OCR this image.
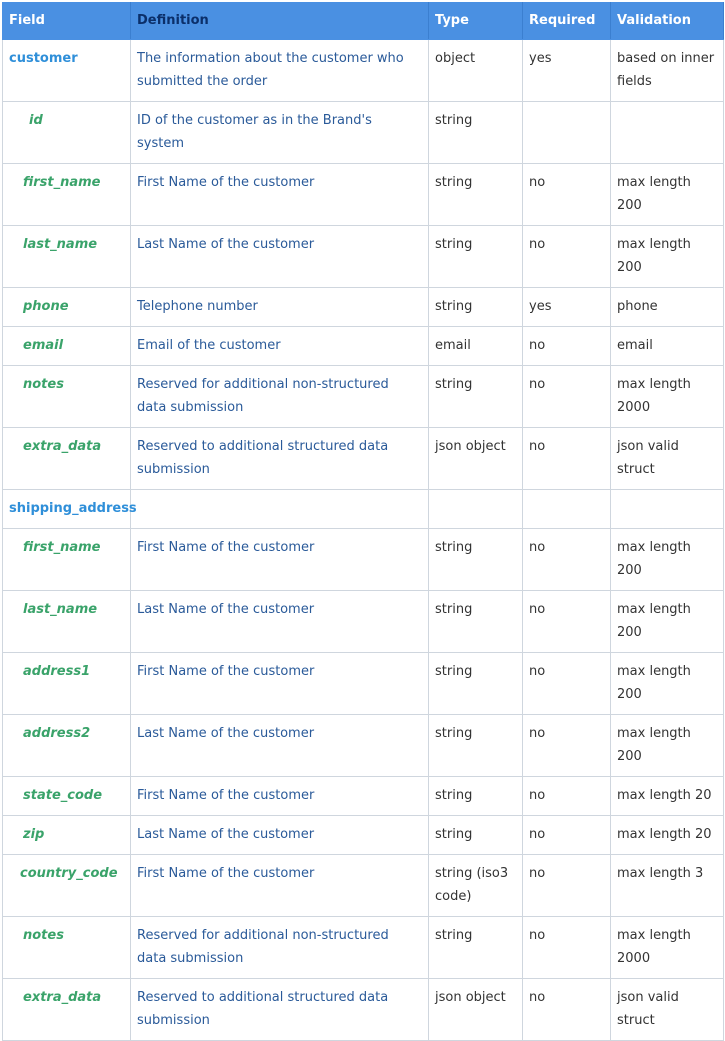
Field	Definition	Type	Required	Validation
customer	The information about the customer who submitted the order	object	yes	based on inner fields
id	ID of the customer as in the Brand's system	string		
first_name	First Name of the customer	string	no	max length 200
last_name	Last Name of the customer	string	no	max length 200
phone	Telephone number	string	yes	phone
email	Email of the customer	email	no	email
notes	Reserved for additional non-structured data submission	string	no	max length 2000
extra_data	Reserved to additional structured data submission	json object	no	json valid struct
shipping_address				
first_name	First Name of the customer	string	no	max length 200
last_name	Last Name of the customer	string	no	max length 200
address1	First Name of the customer	string	no	max length 200
address2	Last Name of the customer	string	no	max length 200
state_code	First Name of the customer	string	no	max length 20
zip	Last Name of the customer	string	no	max length 20
country_code	First Name of the customer	string (iso3 code)	no	max length 3
notes	Reserved for additional non-structured data submission	string	no	max length 2000
extra_data	Reserved to additional structured data submission	json object	no	json valid struct
